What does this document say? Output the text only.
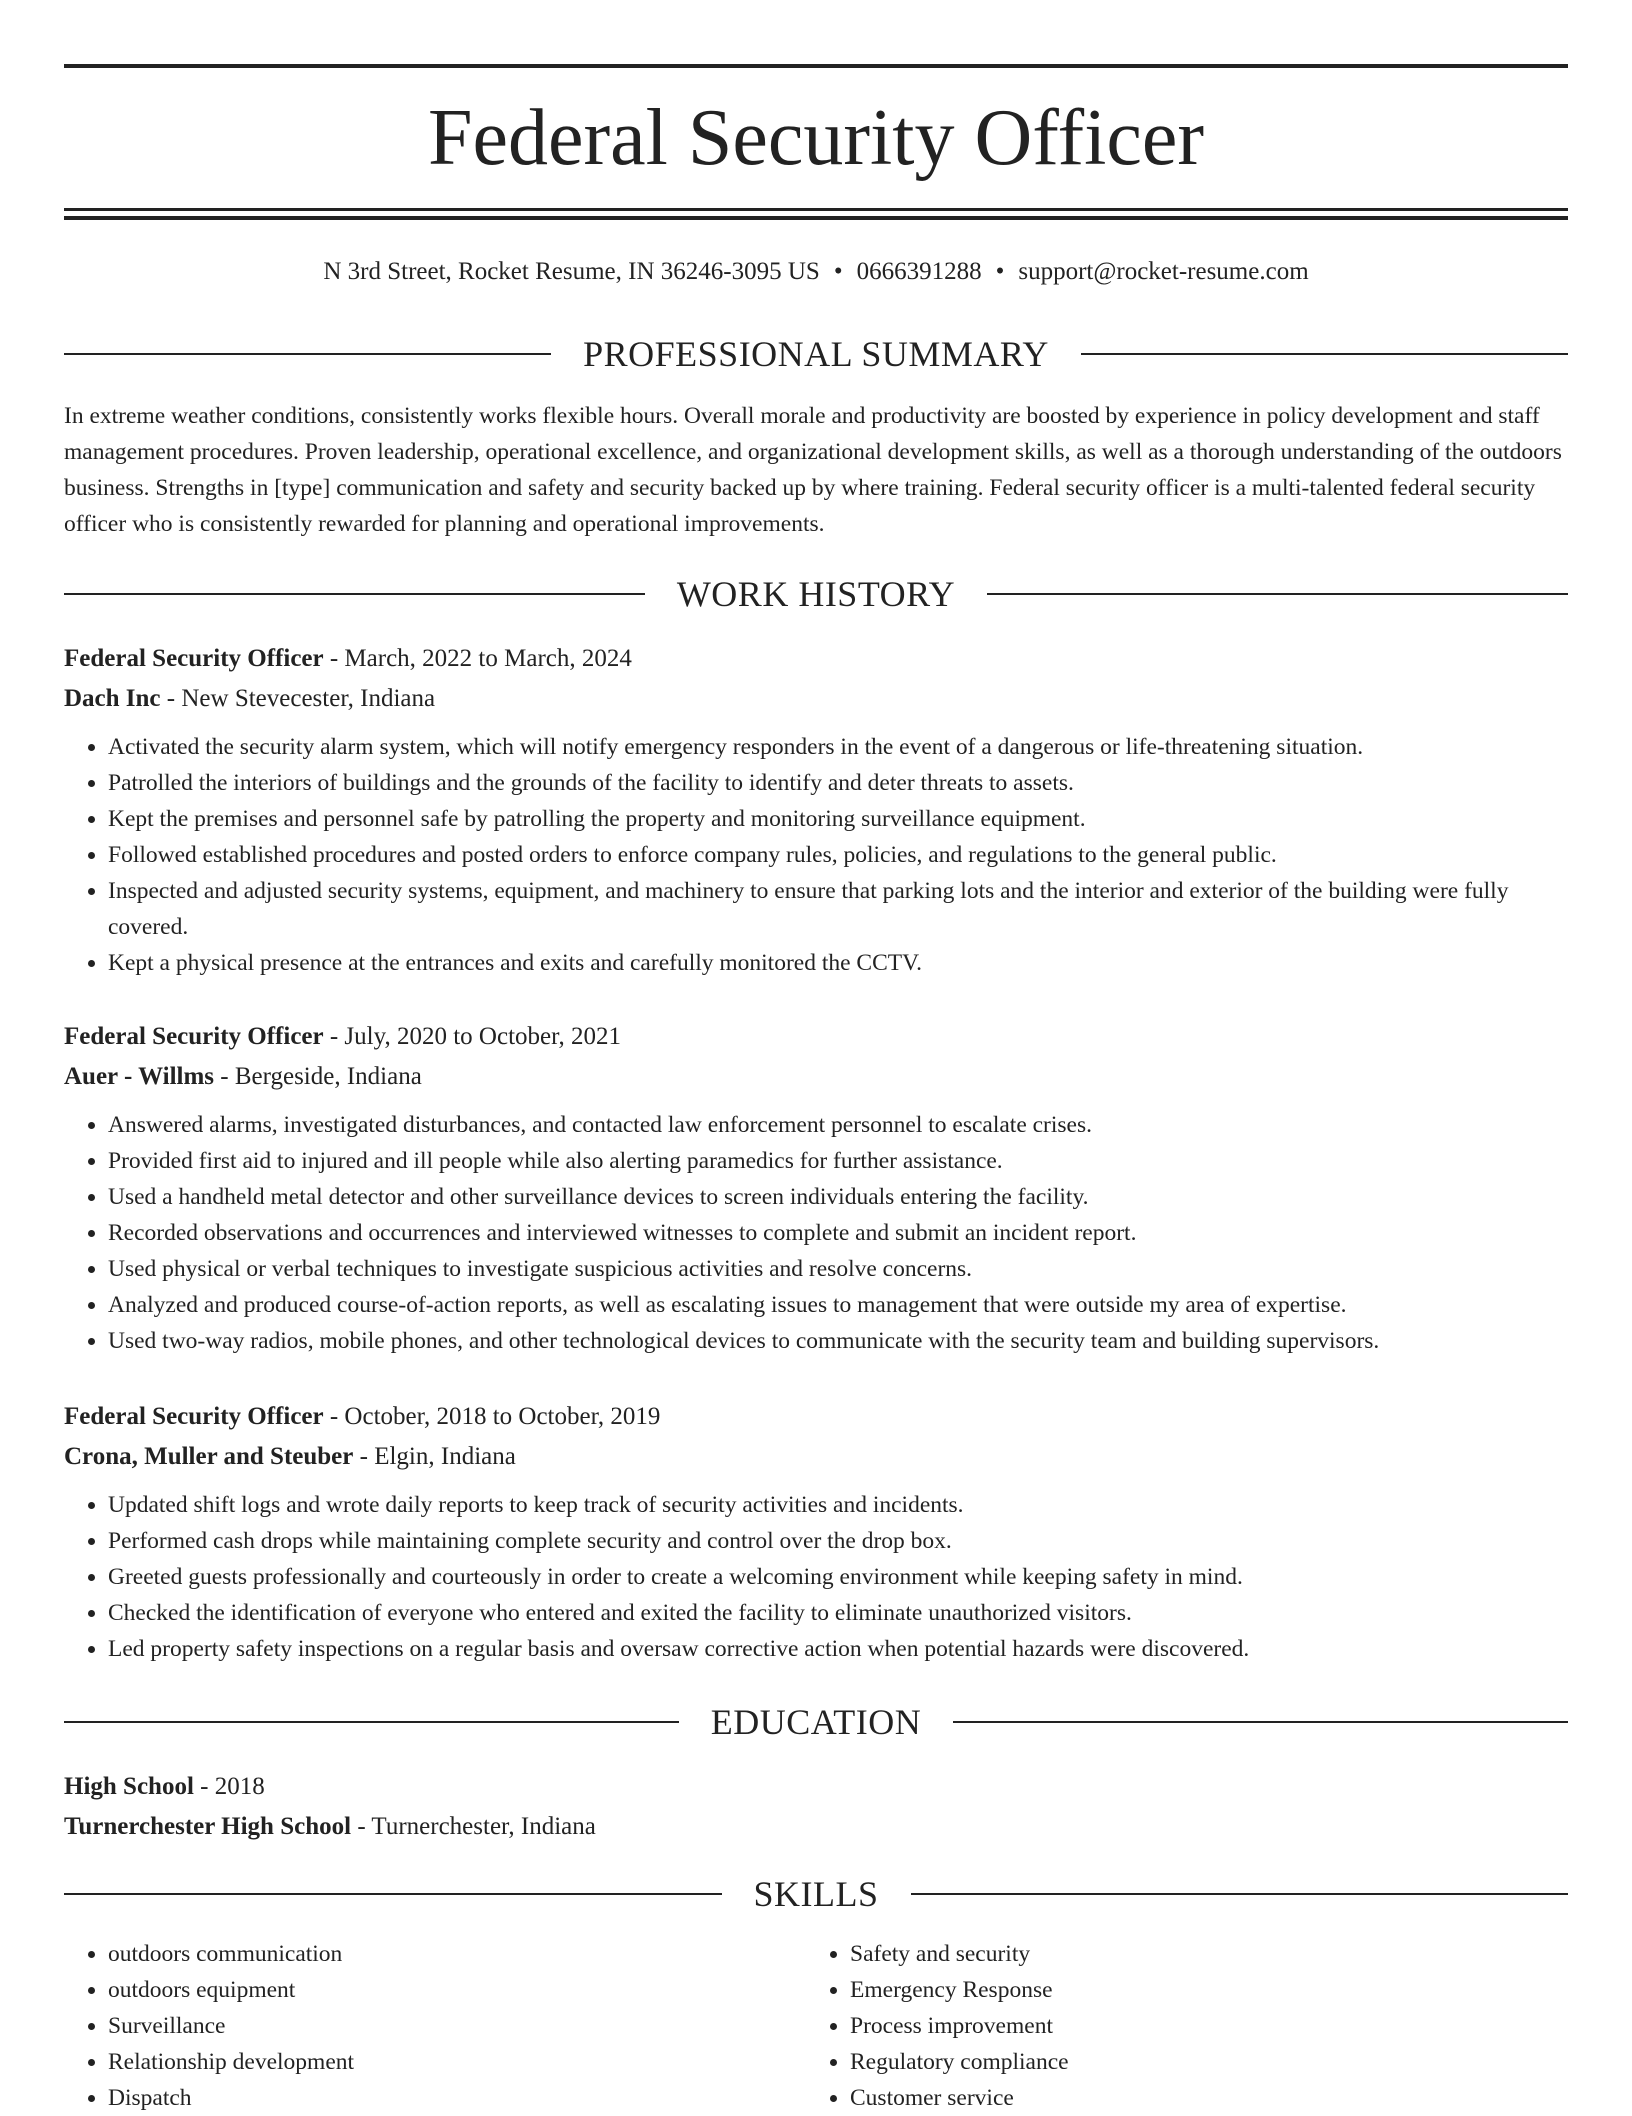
Federal Security Officer
N 3rd Street, Rocket Resume, IN 36246-3095 US • 0666391288 • support@rocket-resume.com
PROFESSIONAL SUMMARY

In extreme weather conditions, consistently works flexible hours. Overall morale and productivity are boosted by experience in policy development and staff management procedures. Proven leadership, operational excellence, and organizational development skills, as well as a thorough understanding of the outdoors business. Strengths in [type] communication and safety and security backed up by where training. Federal security officer is a multi-talented federal security officer who is consistently rewarded for planning and operational improvements.

WORK HISTORY
Federal Security Officer - March, 2022 to March, 2024
Dach Inc - New Stevecester, Indiana
• Activated the security alarm system, which will notify emergency responders in the event of a dangerous or life-threatening situation.
• Patrolled the interiors of buildings and the grounds of the facility to identify and deter threats to assets.
• Kept the premises and personnel safe by patrolling the property and monitoring surveillance equipment.
• Followed established procedures and posted orders to enforce company rules, policies, and regulations to the general public.
• Inspected and adjusted security systems, equipment, and machinery to ensure that parking lots and the interior and exterior of the building were fully covered.
• Kept a physical presence at the entrances and exits and carefully monitored the CCTV.
Federal Security Officer - July, 2020 to October, 2021
Auer - Willms - Bergeside, Indiana
• Answered alarms, investigated disturbances, and contacted law enforcement personnel to escalate crises.
• Provided first aid to injured and ill people while also alerting paramedics for further assistance.
• Used a handheld metal detector and other surveillance devices to screen individuals entering the facility.
• Recorded observations and occurrences and interviewed witnesses to complete and submit an incident report.
• Used physical or verbal techniques to investigate suspicious activities and resolve concerns.
• Analyzed and produced course-of-action reports, as well as escalating issues to management that were outside my area of expertise.
• Used two-way radios, mobile phones, and other technological devices to communicate with the security team and building supervisors.
Federal Security Officer - October, 2018 to October, 2019
Crona, Muller and Steuber - Elgin, Indiana
• Updated shift logs and wrote daily reports to keep track of security activities and incidents.
• Performed cash drops while maintaining complete security and control over the drop box.
• Greeted guests professionally and courteously in order to create a welcoming environment while keeping safety in mind.
• Checked the identification of everyone who entered and exited the facility to eliminate unauthorized visitors.
• Led property safety inspections on a regular basis and oversaw corrective action when potential hazards were discovered.
EDUCATION
High School - 2018
Turnerchester High School - Turnerchester, Indiana
SKILLS
• outdoors communication
• outdoors equipment
• Surveillance
• Relationship development
• Dispatch
• Safety and security
• Emergency Response
• Process improvement
• Regulatory compliance
• Customer service
